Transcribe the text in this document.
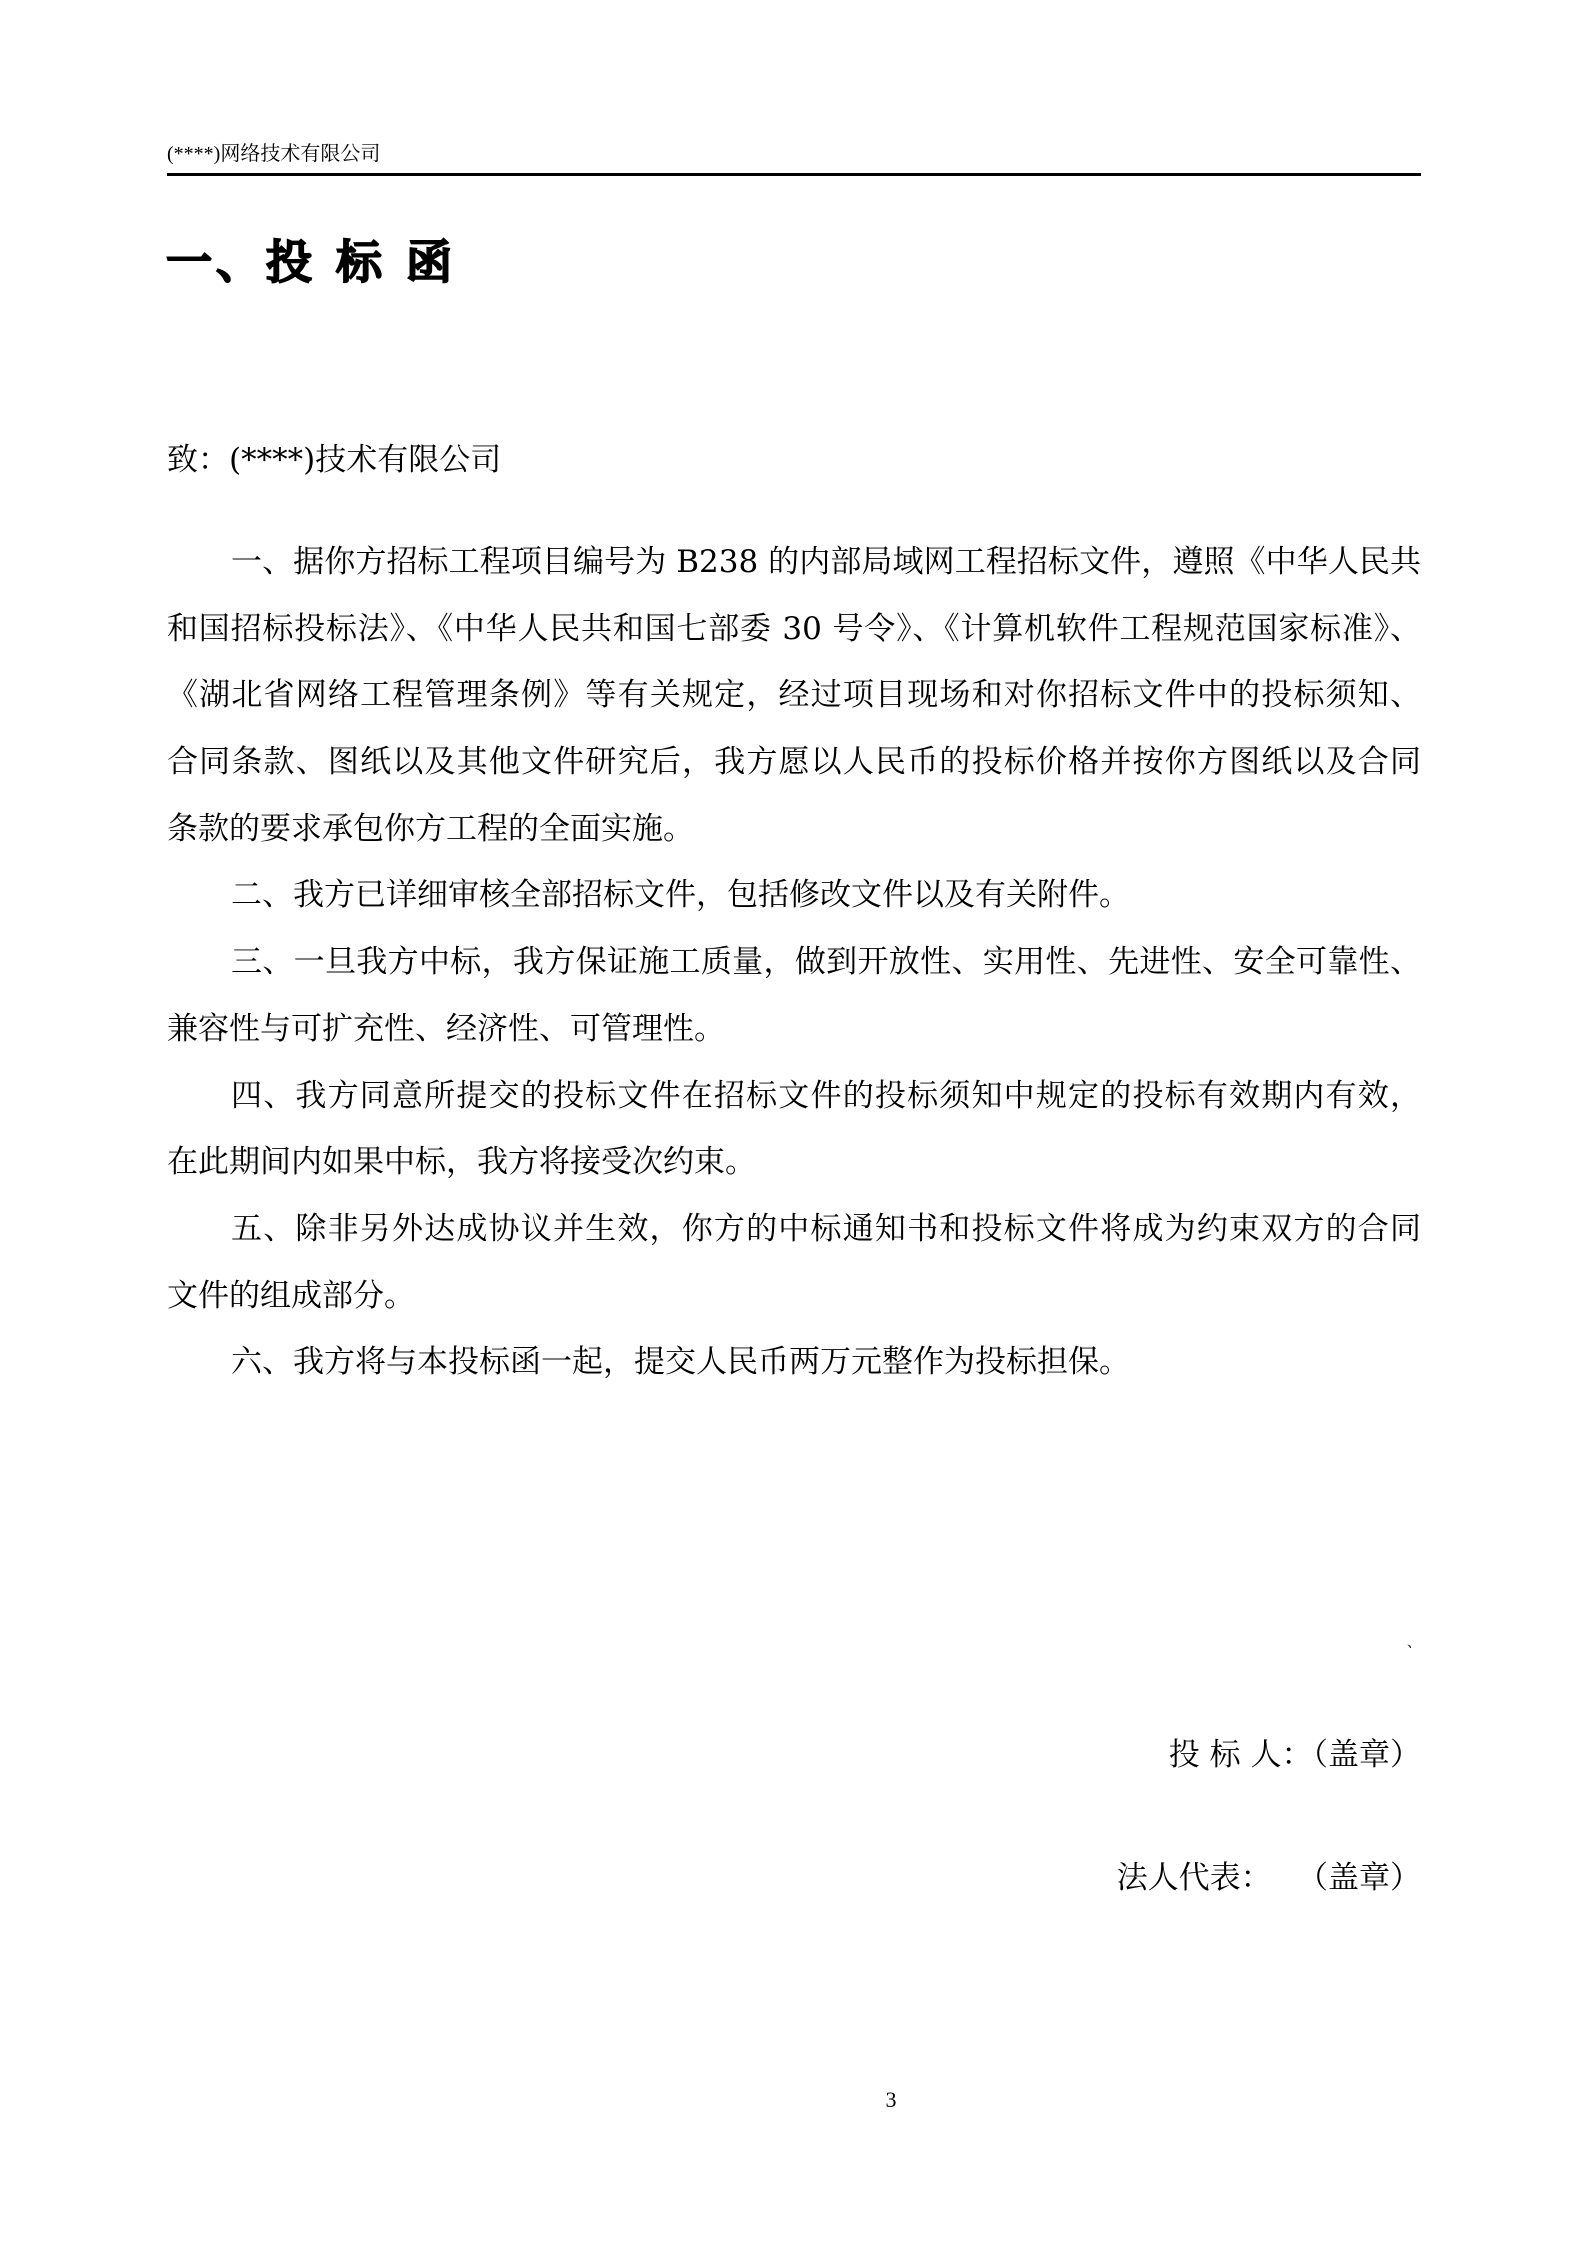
(****)网络技术有限公司
一、投 标 函
致：(****)技术有限公司
一、据你方招标工程项目编号为 B238 的内部局域网工程招标文件，遵照《中华人民共
和国招标投标法》、《中华人民共和国七部委 30 号令》、《计算机软件工程规范国家标准》、
《湖北省网络工程管理条例》等有关规定，经过项目现场和对你招标文件中的投标须知、
合同条款、图纸以及其他文件研究后，我方愿以人民币的投标价格并按你方图纸以及合同
条款的要求承包你方工程的全面实施。
二、我方已详细审核全部招标文件，包括修改文件以及有关附件。
三、一旦我方中标，我方保证施工质量，做到开放性、实用性、先进性、安全可靠性、
兼容性与可扩充性、经济性、可管理性。
四、我方同意所提交的投标文件在招标文件的投标须知中规定的投标有效期内有效，
在此期间内如果中标，我方将接受次约束。
五、除非另外达成协议并生效，你方的中标通知书和投标文件将成为约束双方的合同
文件的组成部分。
六、我方将与本投标函一起，提交人民币两万元整作为投标担保。
、
投 标 人：（盖章）
法人代表：　 （盖章）
3
